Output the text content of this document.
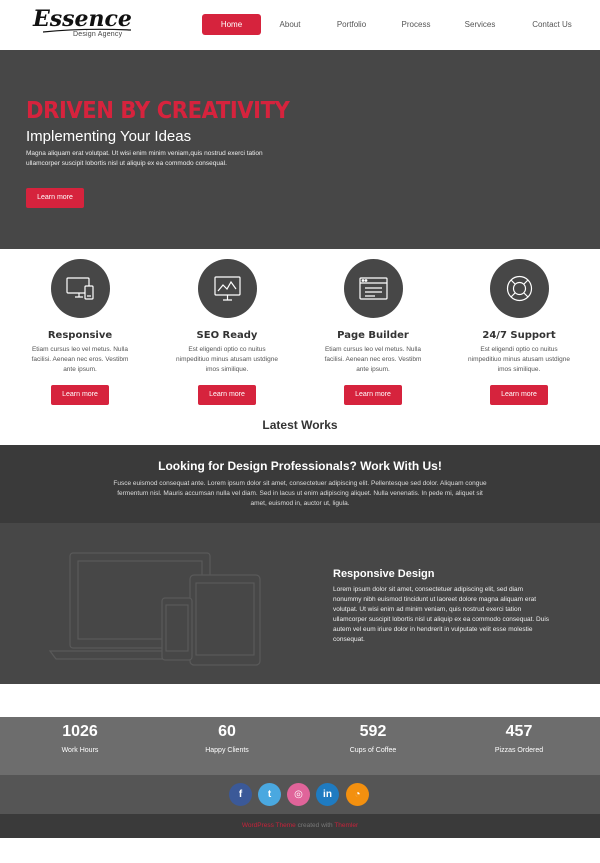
Essence
Design Agency
Home	About	Portfolio	Process	Services	Contact Us
DRIVEN BY CREATIVITY
Implementing Your Ideas
Magna aliquam erat volutpat. Ut wisi enim minim veniam,quis nostrud exerci tation ullamcorper suscipit lobortis nisl ut aliquip ex ea commodo consequal.
Learn more
Responsive
Etiam cursus leo vel metus. Nulla facilisi. Aenean nec eros. Vestibm ante ipsum.
Learn more
SEO Ready
Est eligendi optio co nuitus nimpeditiuo minus atusam ustdigne imos similique.
Learn more
Page Builder
Etiam cursus leo vel metus. Nulla facilisi. Aenean nec eros. Vestibm ante ipsum.
Learn more
24/7 Support
Est eligendi optio co nuitus nimpeditiuo minus atusam ustdigne imos similique.
Learn more
Latest Works
Looking for Design Professionals? Work With Us!
Fusce euismod consequat ante. Lorem ipsum dolor sit amet, consectetuer adipiscing elit. Pellentesque sed dolor. Aliquam congue fermentum nisl. Mauris accumsan nulla vel diam. Sed in lacus ut enim adipiscing aliquet. Nulla venenatis. In pede mi, aliquet sit amet, euismod in, auctor ut, ligula.
Responsive Design
Lorem ipsum dolor sit amet, consectetuer adipiscing elit, sed diam nonummy nibh euismod tincidunt ut laoreet dolore magna aliquam erat volutpat. Ut wisi enim ad minim veniam, quis nostrud exerci tation ullamcorper suscipit lobortis nisl ut aliquip ex ea commodo consequat. Duis autem vel eum iriure dolor in hendrerit in vulputate velit esse molestie consequat.
1026
Work Hours
60
Happy Clients
592
Cups of Coffee
457
Pizzas Ordered
f	t	◎	in	◔
WordPress Theme created with Themler
